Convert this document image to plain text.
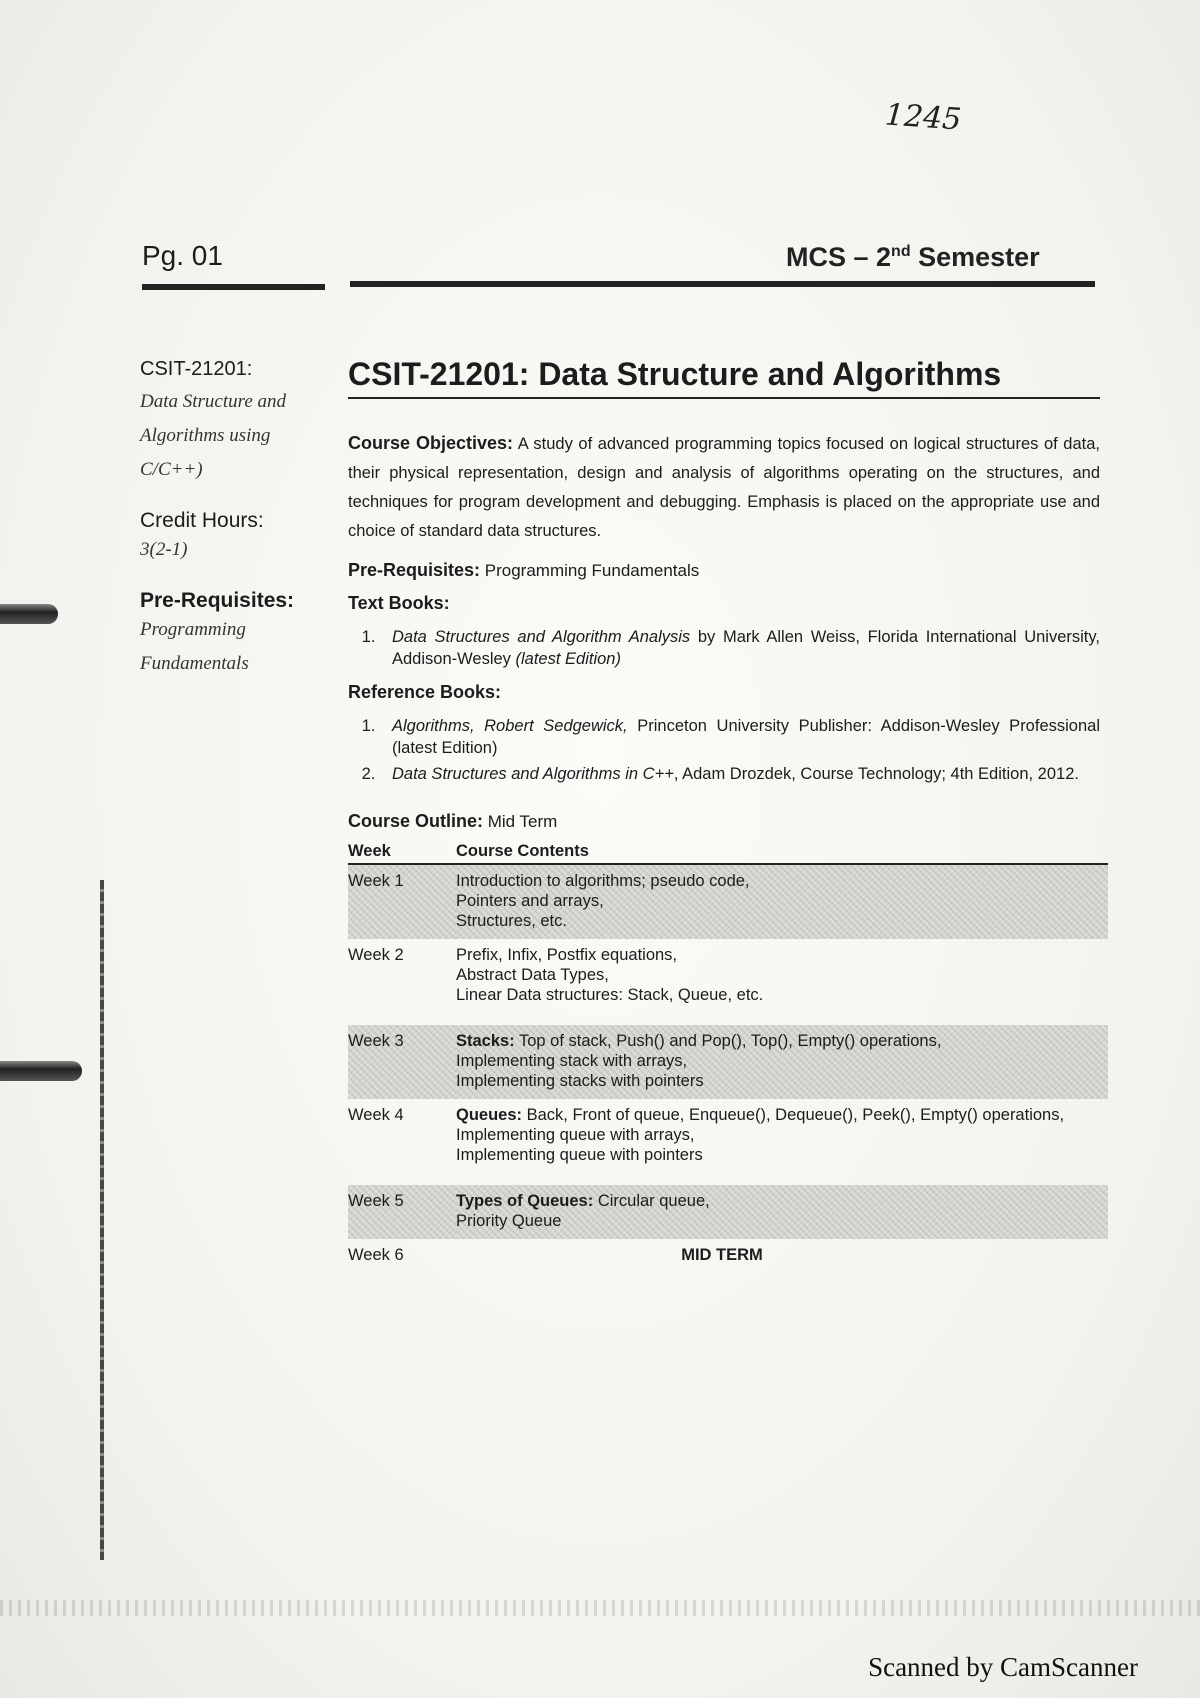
1245
Pg. 01	MCS – 2nd Semester
CSIT-21201:
Data Structure and
Algorithms using
C/C++)
Credit Hours:
3(2-1)
Pre-Requisites:
Programming
Fundamentals
CSIT-21201: Data Structure and Algorithms
Course Objectives: A study of advanced programming topics focused on logical structures of data, their physical representation, design and analysis of algorithms operating on the structures, and techniques for program development and debugging. Emphasis is placed on the appropriate use and choice of standard data structures.
Pre-Requisites: Programming Fundamentals
Text Books:
1. Data Structures and Algorithm Analysis by Mark Allen Weiss, Florida International University, Addison-Wesley (latest Edition)
Reference Books:
1. Algorithms, Robert Sedgewick, Princeton University Publisher: Addison-Wesley Professional (latest Edition)
2. Data Structures and Algorithms in C++, Adam Drozdek, Course Technology; 4th Edition, 2012.
Course Outline: Mid Term
Week	Course Contents
Week 1	Introduction to algorithms; pseudo code,
Pointers and arrays,
Structures, etc.

Week 2	Prefix, Infix, Postfix equations,
Abstract Data Types,
Linear Data structures: Stack, Queue, etc.

Week 3	Stacks: Top of stack, Push() and Pop(), Top(), Empty() operations,
Implementing stack with arrays,
Implementing stacks with pointers

Week 4	Queues: Back, Front of queue, Enqueue(), Dequeue(), Peek(), Empty() operations,
Implementing queue with arrays,
Implementing queue with pointers

Week 5	Types of Queues: Circular queue,
Priority Queue

Week 6	MID TERM
Scanned by CamScanner
